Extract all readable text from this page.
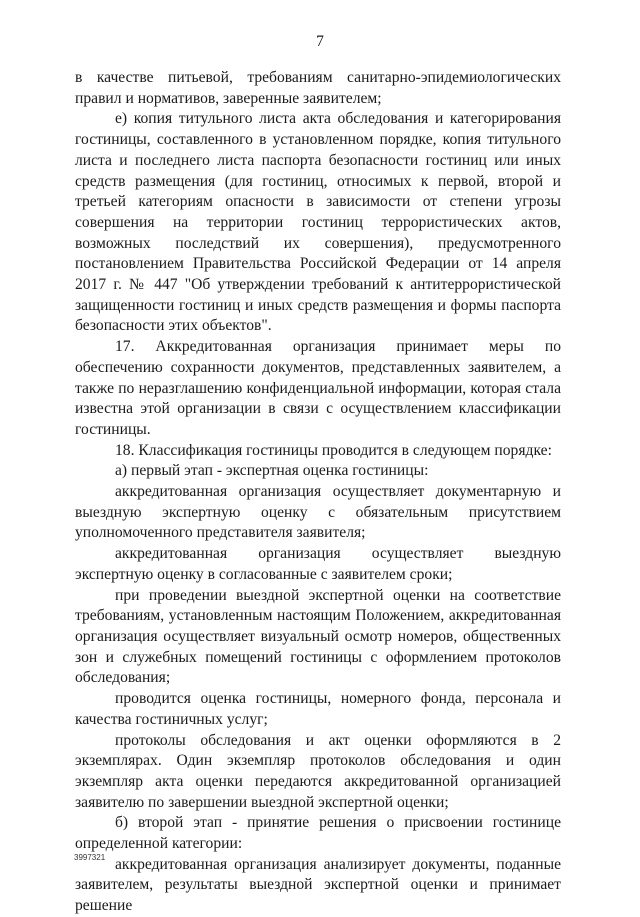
7

в качестве питьевой, требованиям санитарно-эпидемиологических правил и нормативов, заверенные заявителем;

е) копия титульного листа акта обследования и категорирования гостиницы, составленного в установленном порядке, копия титульного листа и последнего листа паспорта безопасности гостиниц или иных средств размещения (для гостиниц, относимых к первой, второй и третьей категориям опасности в зависимости от степени угрозы совершения на территории гостиниц террористических актов, возможных последствий их совершения), предусмотренного постановлением Правительства Российской Федерации от 14 апреля 2017 г. № 447 "Об утверждении требований к антитеррористической защищенности гостиниц и иных средств размещения и формы паспорта безопасности этих объектов".

17. Аккредитованная организация принимает меры по обеспечению сохранности документов, представленных заявителем, а также по неразглашению конфиденциальной информации, которая стала известна этой организации в связи с осуществлением классификации гостиницы.

18. Классификация гостиницы проводится в следующем порядке:

а) первый этап - экспертная оценка гостиницы:

аккредитованная организация осуществляет документарную и выездную экспертную оценку с обязательным присутствием уполномоченного представителя заявителя;

аккредитованная организация осуществляет выездную экспертную оценку в согласованные с заявителем сроки;

при проведении выездной экспертной оценки на соответствие требованиям, установленным настоящим Положением, аккредитованная организация осуществляет визуальный осмотр номеров, общественных зон и служебных помещений гостиницы с оформлением протоколов обследования;

проводится оценка гостиницы, номерного фонда, персонала и качества гостиничных услуг;

протоколы обследования и акт оценки оформляются в 2 экземплярах. Один экземпляр протоколов обследования и один экземпляр акта оценки передаются аккредитованной организацией заявителю по завершении выездной экспертной оценки;

б) второй этап - принятие решения о присвоении гостинице определенной категории:

аккредитованная организация анализирует документы, поданные заявителем, результаты выездной экспертной оценки и принимает решение

3997321
